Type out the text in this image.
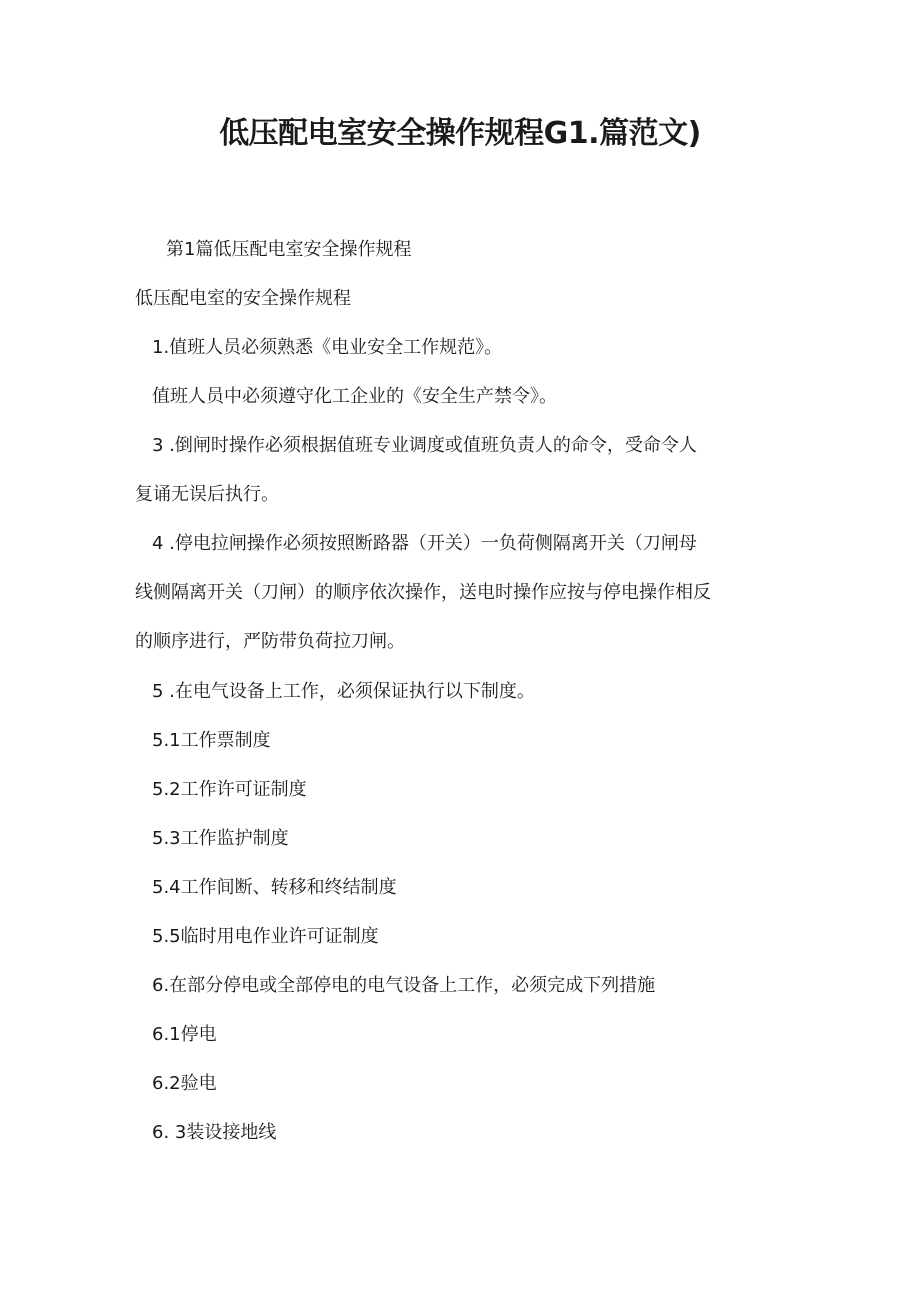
低压配电室安全操作规程G1.篇范文)

第1篇低压配电室安全操作规程

低压配电室的安全操作规程

1.值班人员必须熟悉《电业安全工作规范》。

值班人员中必须遵守化工企业的《安全生产禁令》。

3 .倒闸时操作必须根据值班专业调度或值班负责人的命令，受命令人
复诵无误后执行。
4 .停电拉闸操作必须按照断路器（开关）一负荷侧隔离开关（刀闸母
线侧隔离开关（刀闸）的顺序依次操作，送电时操作应按与停电操作相反
的顺序进行，严防带负荷拉刀闸。

5 .在电气设备上工作，必须保证执行以下制度。

5.1工作票制度

5.2工作许可证制度

5.3工作监护制度

5.4工作间断、转移和终结制度

5.5临时用电作业许可证制度

6.在部分停电或全部停电的电气设备上工作，必须完成下列措施

6.1停电

6.2验电

6. 3装设接地线
